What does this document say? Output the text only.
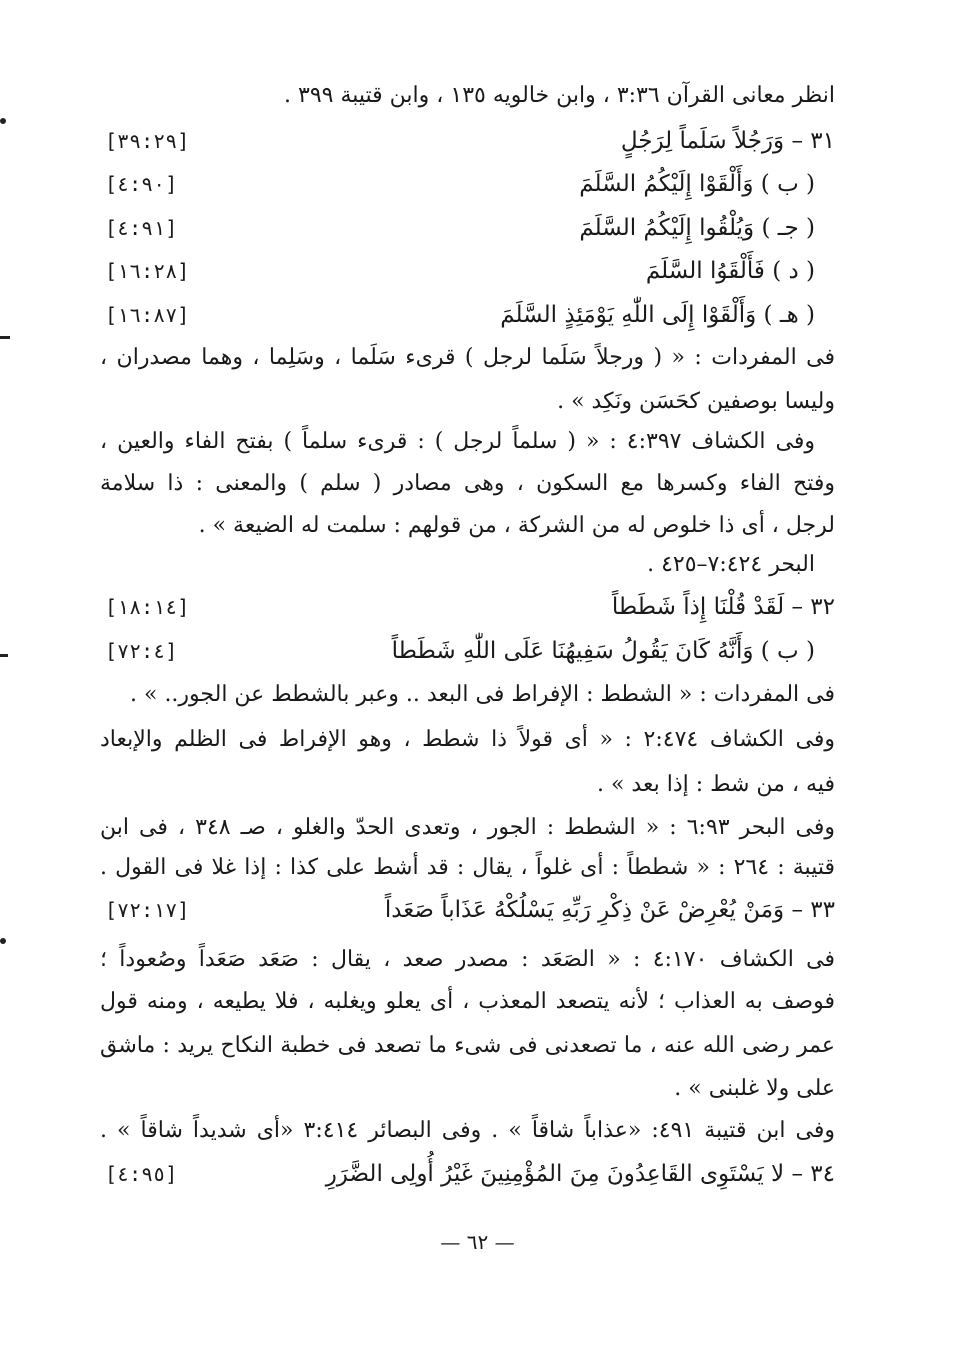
انظر معانى القرآن ٣:٣٦ ، وابن خالويه ١٣٥ ، وابن قتيبة ٣٩٩ .
٣١ – وَرَجُلاً سَلَماً لِرَجُلٍ
[٣٩:٢٩]
( ب ) وَأَلْقَوْا إِلَيْكُمُ السَّلَمَ
[٤:٩٠]
( جـ ) وَيُلْقُوا إِلَيْكُمُ السَّلَمَ
[٤:٩١]
( د ) فَأَلْقَوُا السَّلَمَ
[١٦:٢٨]
( هـ ) وَأَلْقَوْا إِلَى اللّٰهِ يَوْمَئِذٍ السَّلَمَ
[١٦:٨٧]
فى المفردات : « ( ورجلاً سَلَما لرجل ) قرىء سَلَما ، وسَلِما ، وهما مصدران ،
وليسا بوصفين كحَسَن ونَكِد » .
وفى الكشاف ٤:٣٩٧ : « ( سلماً لرجل ) : قرىء سلماً ) بفتح الفاء والعين ،
وفتح الفاء وكسرها مع السكون ، وهى مصادر ( سلم ) والمعنى : ذا سلامة
لرجل ، أى ذا خلوص له من الشركة ، من قولهم : سلمت له الضيعة » .
البحر ٧:٤٢٤–٤٢٥ .
٣٢ – لَقَدْ قُلْنَا إِذاً شَطَطاً
[١٨:١٤]
( ب ) وَأَنَّهُ كَانَ يَقُولُ سَفِيهُنَا عَلَى اللّٰهِ شَطَطاً
[٧٢:٤]
فى المفردات : « الشطط : الإفراط فى البعد .. وعبر بالشطط عن الجور.. » .
وفى الكشاف ٢:٤٧٤ : « أى قولاً ذا شطط ، وهو الإفراط فى الظلم والإبعاد
فيه ، من شط : إذا بعد » .
وفى البحر ٦:٩٣ : « الشطط : الجور ، وتعدى الحدّ والغلو ، صـ ٣٤٨ ، فى ابن
قتيبة : ٢٦٤ : « شططاً : أى غلواً ، يقال : قد أشط على كذا : إذا غلا فى القول .
٣٣ – وَمَنْ يُعْرِضْ عَنْ ذِكْرِ رَبِّهِ يَسْلُكْهُ عَذَاباً صَعَداً
[٧٢:١٧]
فى الكشاف ٤:١٧٠ : « الصَعَد : مصدر صعد ، يقال : صَعَد صَعَداً وصُعوداً ؛
فوصف به العذاب ؛ لأنه يتصعد المعذب ، أى يعلو ويغلبه ، فلا يطيعه ، ومنه قول
عمر رضى الله عنه ، ما تصعدنى فى شىء ما تصعد فى خطبة النكاح يريد : ماشق
على ولا غلبنى » .
وفى ابن قتيبة ٤٩١: «عذاباً شاقاً » . وفى البصائر ٣:٤١٤ «أى شديداً شاقاً » .
٣٤ – لا يَسْتَوِى القَاعِدُونَ مِنَ المُؤْمِنِينَ غَيْرُ أُولِى الضَّرَرِ
[٤:٩٥]
— ٦٢ —
